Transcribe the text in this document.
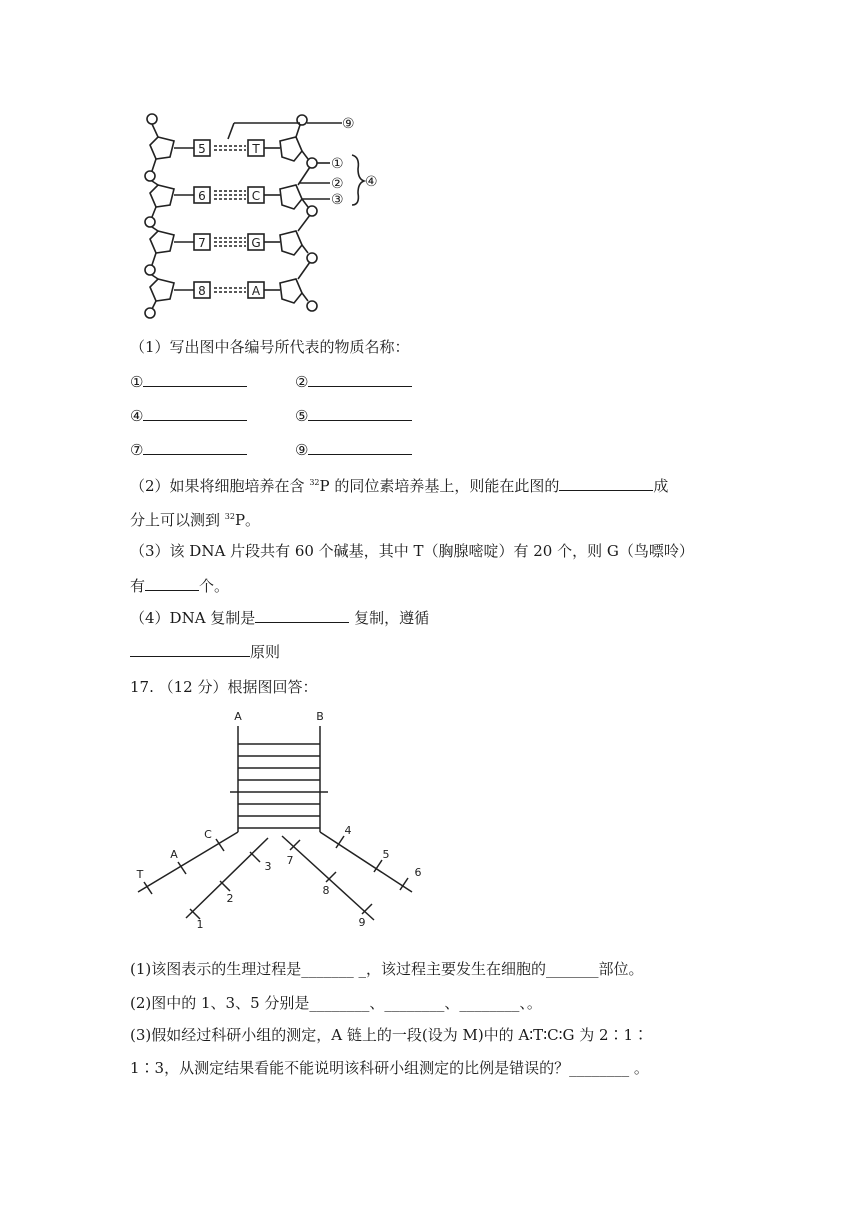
5
6
7
8
T
C
G
A
⑨
①
②
③
④
（1）写出图中各编号所代表的物质名称：
①	②
④	⑤
⑦	⑨
（2）如果将细胞培养在含 $^{32}$P 的同位素培养基上，则能在此图的	成
分上可以测到 $^{32}$P。
（3）该 DNA 片段共有 60 个碱基，其中 T（胸腺嘧啶）有 20 个，则 G（鸟嘌呤）
有	个。
（4）DNA 复制是	复制，遵循
原则
17. （12 分）根据图回答：
A	B
C
A
T
3
2
1
7
8
9
4
5
6
(1)该图表示的生理过程是_______ _，该过程主要发生在细胞的_______部位。
(2)图中的 1、3、5 分别是________、________、________、。
(3)假如经过科研小组的测定，A 链上的一段(设为 M)中的 A∶T∶C∶G 为 2∶1∶
1∶3，从测定结果看能不能说明该科研小组测定的比例是错误的？________ 。
